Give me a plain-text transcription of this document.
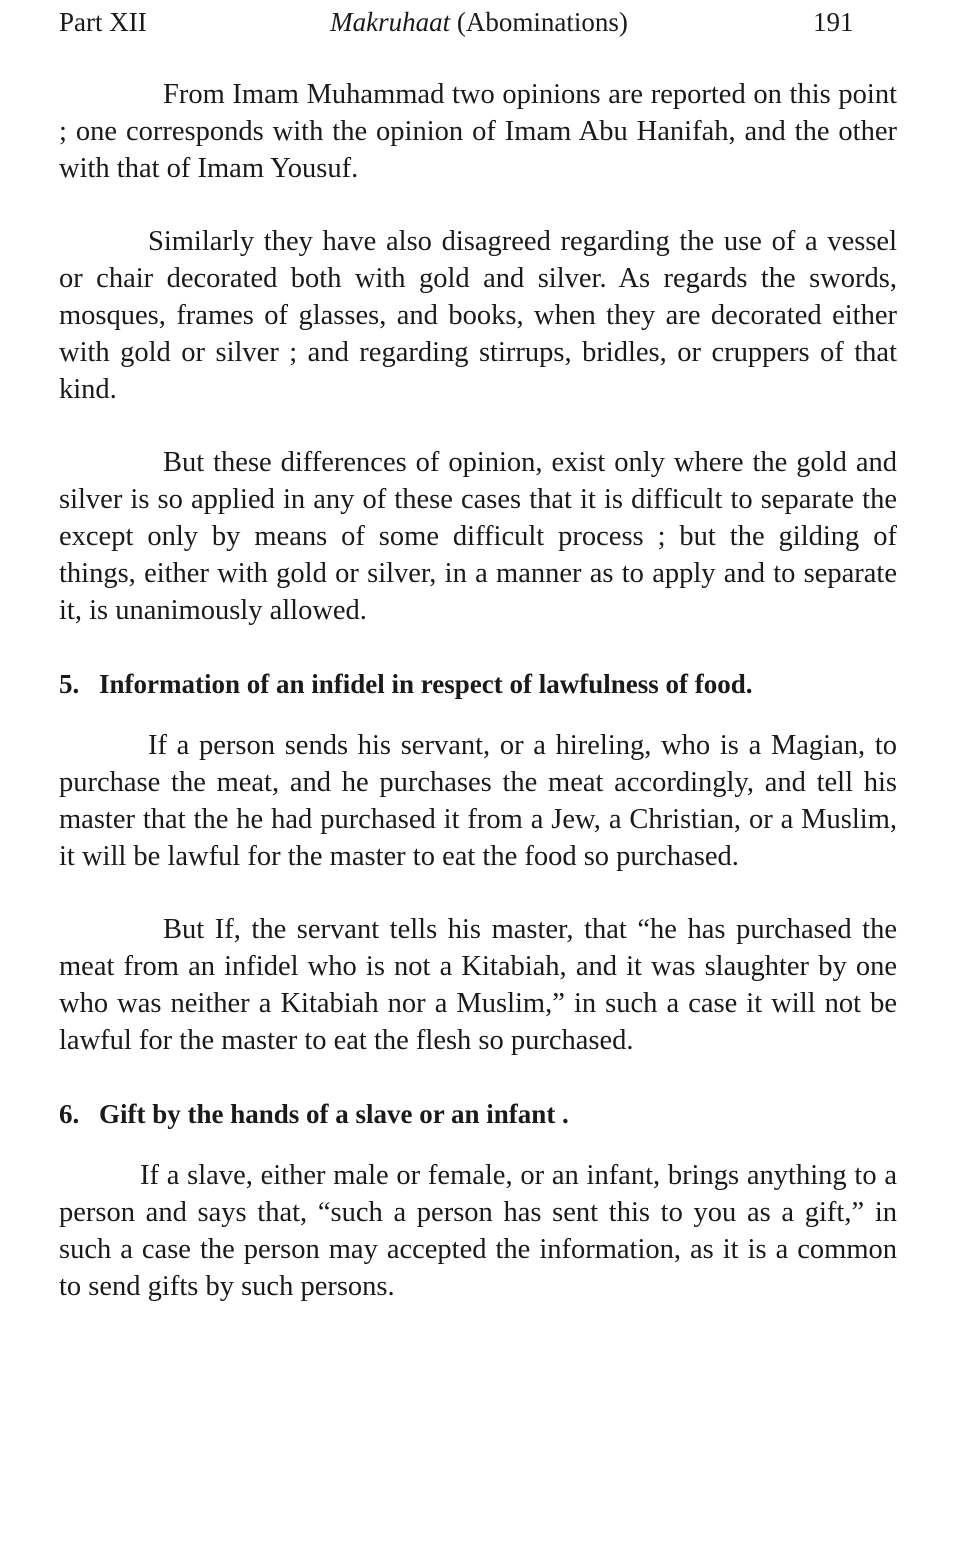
Part XII	Makruhaat (Abominations)	191

From Imam Muhammad two opinions are reported on this point ; one corresponds with the opinion of Imam Abu Hanifah, and the other with that of Imam Yousuf.

Similarly they have also disagreed regarding the use of a vessel or chair decorated both with gold and silver. As regards the swords, mosques, frames of glasses, and books, when they are decorated either with gold or silver ; and regarding stirrups, bridles, or cruppers of that kind.

But these differences of opinion, exist only where the gold and silver is so applied in any of these cases that it is difficult to separate the except only by means of some difficult process ; but the gilding of things, either with gold or silver, in a manner as to apply and to separate it, is unanimously allowed.

5. Information of an infidel in respect of lawfulness of food.

If a person sends his servant, or a hireling, who is a Magian, to purchase the meat, and he purchases the meat accordingly, and tell his master that the he had purchased it from a Jew, a Christian, or a Muslim, it will be lawful for the master to eat the food so purchased.

But If, the servant tells his master, that “he has purchased the meat from an infidel who is not a Kitabiah, and it was slaughter by one who was neither a Kitabiah nor a Muslim,” in such a case it will not be lawful for the master to eat the flesh so purchased.

6. Gift by the hands of a slave or an infant .

If a slave, either male or female, or an infant, brings anything to a person and says that, “such a person has sent this to you as a gift,” in such a case the person may accepted the information, as it is a common to send gifts by such persons.
